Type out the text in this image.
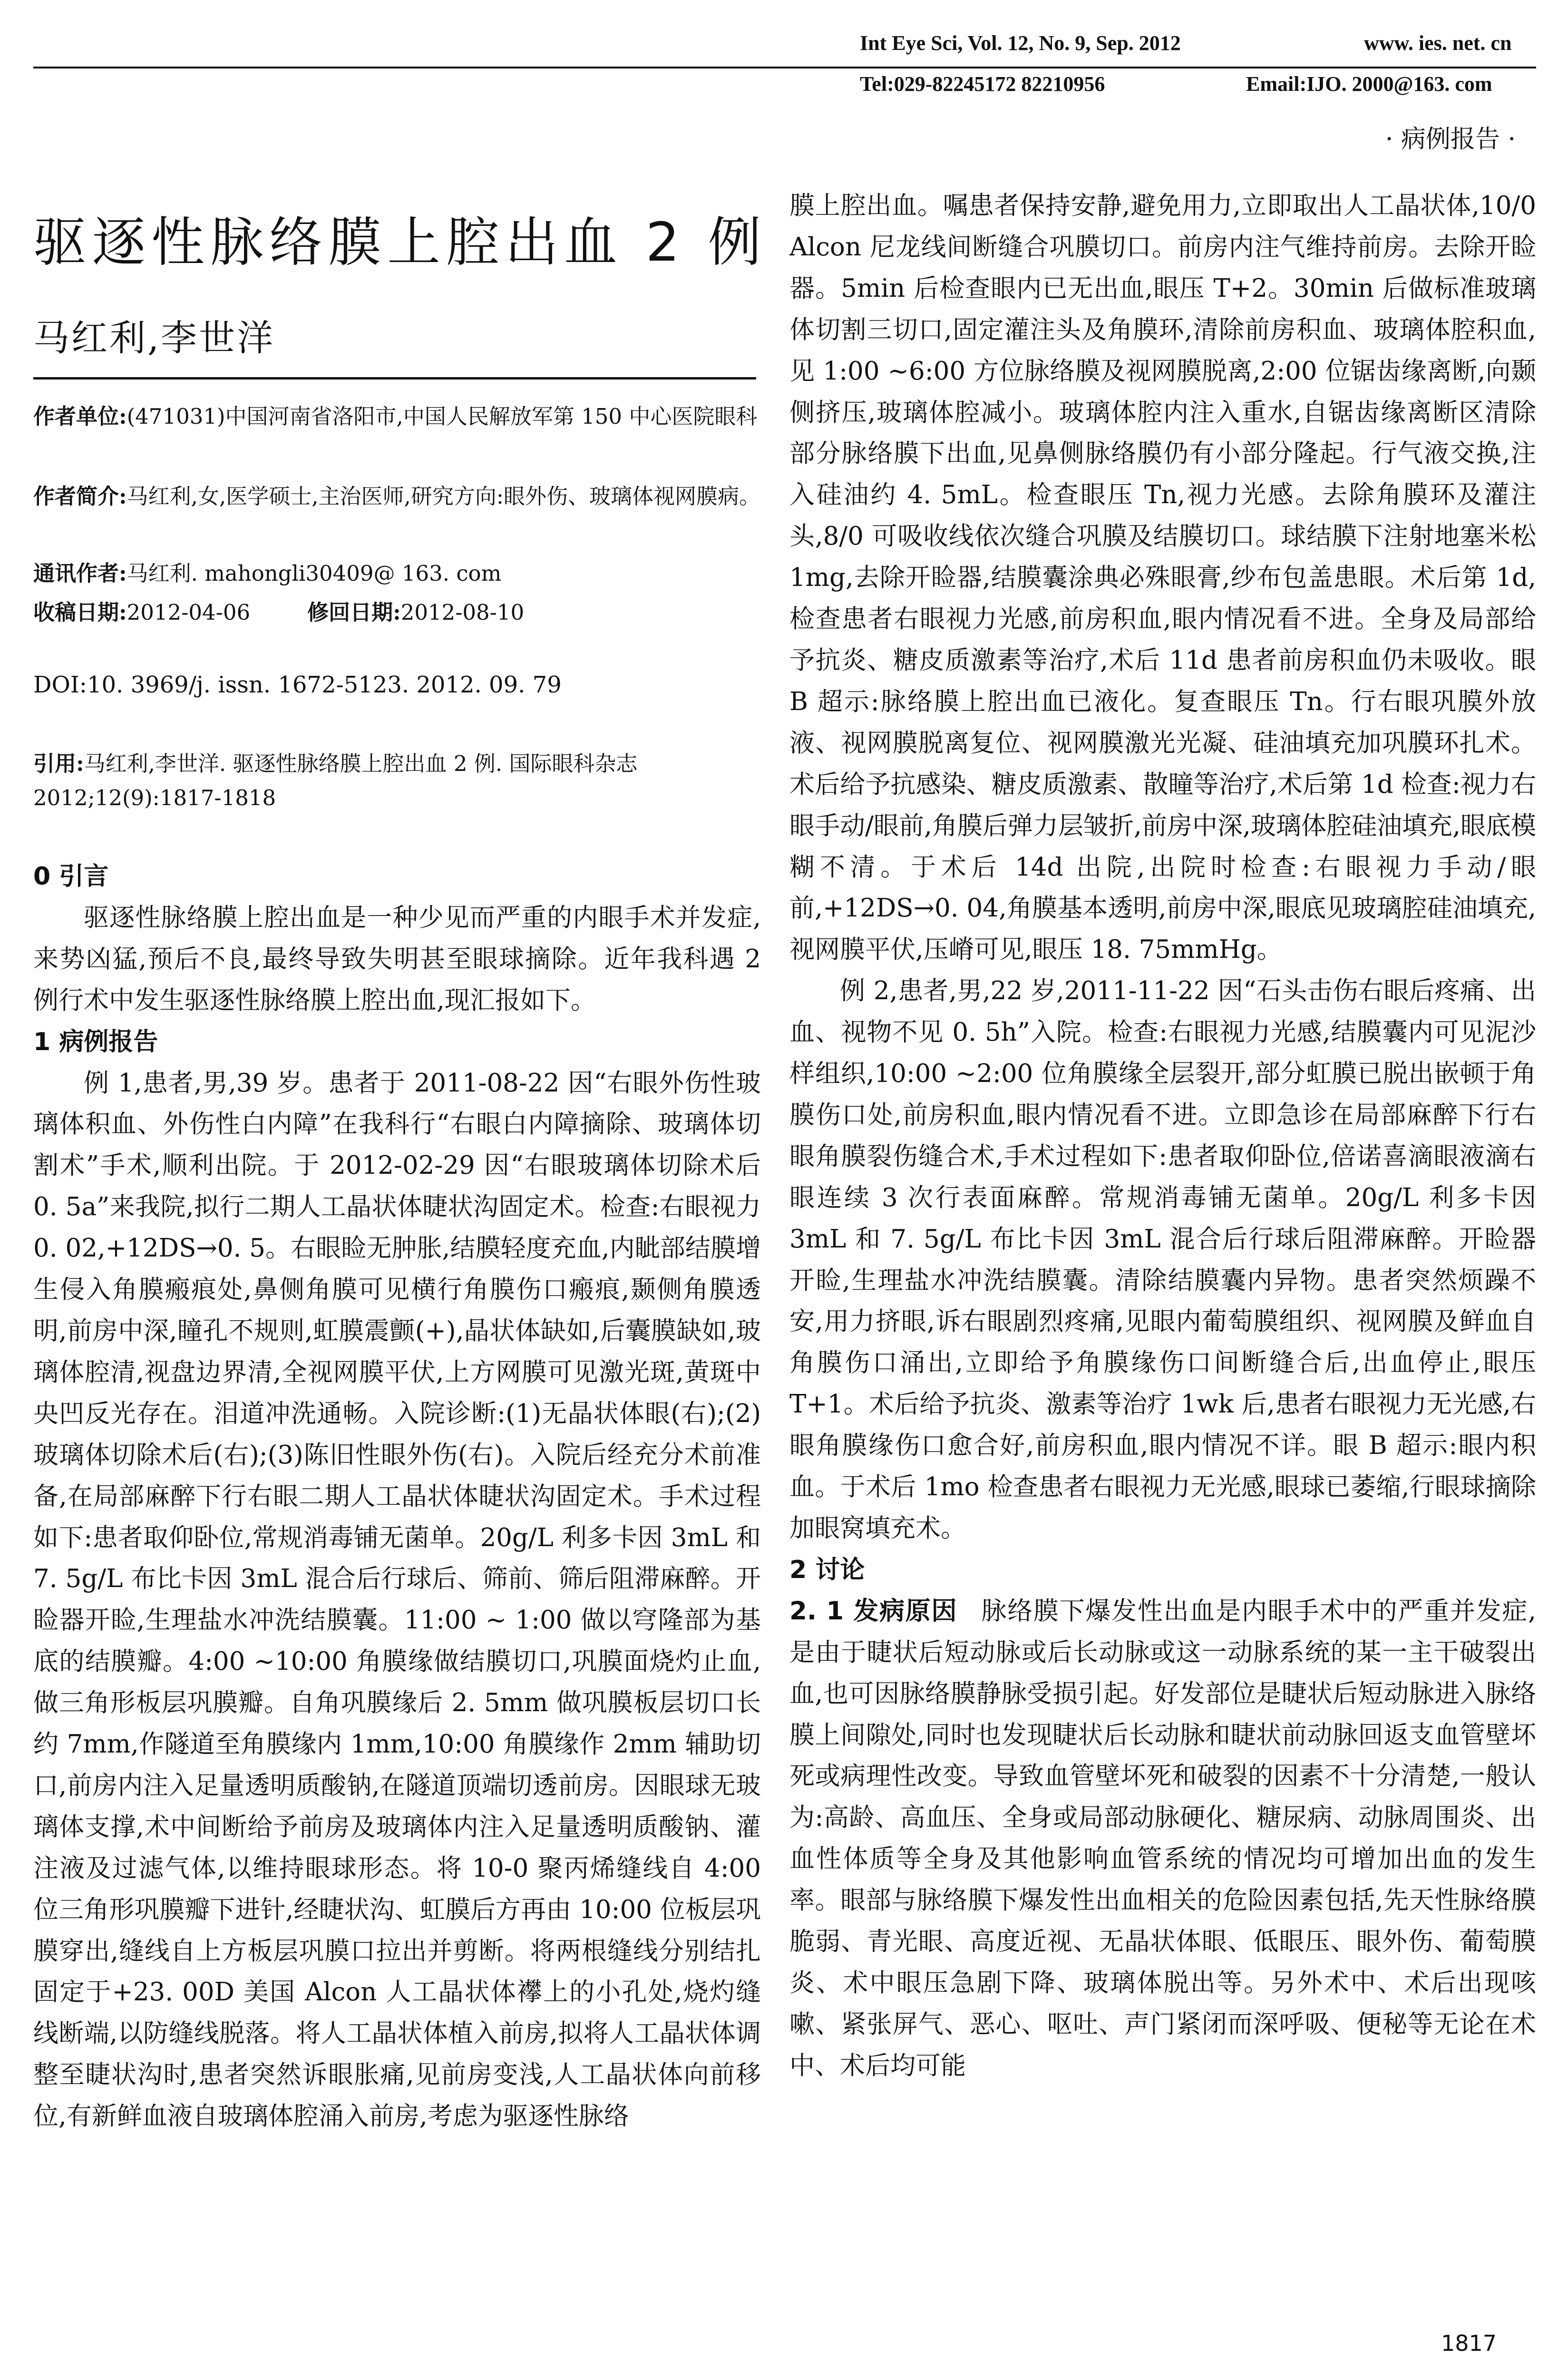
Int Eye Sci, Vol. 12, No. 9, Sep. 2012	www. ies. net. cn
Tel:029-82245172 82210956	Email:IJO. 2000@163. com
· 病例报告 ·
驱逐性脉络膜上腔出血 2 例
马红利,李世洋
作者单位:(471031)中国河南省洛阳市,中国人民解放军第 150 中心医院眼科
作者简介:马红利,女,医学硕士,主治医师,研究方向:眼外伤、玻璃体视网膜病。
通讯作者:马红利. mahongli30409@ 163. com
收稿日期:2012-04-06	修回日期:2012-08-10
DOI:10. 3969/j. issn. 1672-5123. 2012. 09. 79
引用:马红利,李世洋. 驱逐性脉络膜上腔出血 2 例. 国际眼科杂志 2012;12(9):1817-1818

0 引言

驱逐性脉络膜上腔出血是一种少见而严重的内眼手术并发症,来势凶猛,预后不良,最终导致失明甚至眼球摘除。近年我科遇 2 例行术中发生驱逐性脉络膜上腔出血,现汇报如下。

1 病例报告

例 1,患者,男,39 岁。患者于 2011-08-22 因“右眼外伤性玻璃体积血、外伤性白内障”在我科行“右眼白内障摘除、玻璃体切割术”手术,顺利出院。于 2012-02-29 因“右眼玻璃体切除术后 0. 5a”来我院,拟行二期人工晶状体睫状沟固定术。检查:右眼视力 0. 02,+12DS→0. 5。右眼睑无肿胀,结膜轻度充血,内眦部结膜增生侵入角膜瘢痕处,鼻侧角膜可见横行角膜伤口瘢痕,颞侧角膜透明,前房中深,瞳孔不规则,虹膜震颤(+),晶状体缺如,后囊膜缺如,玻璃体腔清,视盘边界清,全视网膜平伏,上方网膜可见激光斑,黄斑中央凹反光存在。泪道冲洗通畅。入院诊断:(1)无晶状体眼(右);(2)玻璃体切除术后(右);(3)陈旧性眼外伤(右)。入院后经充分术前准备,在局部麻醉下行右眼二期人工晶状体睫状沟固定术。手术过程如下:患者取仰卧位,常规消毒铺无菌单。20g/L 利多卡因 3mL 和 7. 5g/L 布比卡因 3mL 混合后行球后、筛前、筛后阻滞麻醉。开睑器开睑,生理盐水冲洗结膜囊。11:00 ~ 1:00 做以穹隆部为基底的结膜瓣。4:00 ~10:00 角膜缘做结膜切口,巩膜面烧灼止血,做三角形板层巩膜瓣。自角巩膜缘后 2. 5mm 做巩膜板层切口长约 7mm,作隧道至角膜缘内 1mm,10:00 角膜缘作 2mm 辅助切口,前房内注入足量透明质酸钠,在隧道顶端切透前房。因眼球无玻璃体支撑,术中间断给予前房及玻璃体内注入足量透明质酸钠、灌注液及过滤气体,以维持眼球形态。将 10-0 聚丙烯缝线自 4:00 位三角形巩膜瓣下进针,经睫状沟、虹膜后方再由 10:00 位板层巩膜穿出,缝线自上方板层巩膜口拉出并剪断。将两根缝线分别结扎固定于+23. 00D 美国 Alcon 人工晶状体襻上的小孔处,烧灼缝线断端,以防缝线脱落。将人工晶状体植入前房,拟将人工晶状体调整至睫状沟时,患者突然诉眼胀痛,见前房变浅,人工晶状体向前移位,有新鲜血液自玻璃体腔涌入前房,考虑为驱逐性脉络

膜上腔出血。嘱患者保持安静,避免用力,立即取出人工晶状体,10/0 Alcon 尼龙线间断缝合巩膜切口。前房内注气维持前房。去除开睑器。5min 后检查眼内已无出血,眼压 T+2。30min 后做标准玻璃体切割三切口,固定灌注头及角膜环,清除前房积血、玻璃体腔积血,见 1:00 ~6:00 方位脉络膜及视网膜脱离,2:00 位锯齿缘离断,向颞侧挤压,玻璃体腔减小。玻璃体腔内注入重水,自锯齿缘离断区清除部分脉络膜下出血,见鼻侧脉络膜仍有小部分隆起。行气液交换,注入硅油约 4. 5mL。检查眼压 Tn,视力光感。去除角膜环及灌注头,8/0 可吸收线依次缝合巩膜及结膜切口。球结膜下注射地塞米松 1mg,去除开睑器,结膜囊涂典必殊眼膏,纱布包盖患眼。术后第 1d,检查患者右眼视力光感,前房积血,眼内情况看不进。全身及局部给予抗炎、糖皮质激素等治疗,术后 11d 患者前房积血仍未吸收。眼 B 超示:脉络膜上腔出血已液化。复查眼压 Tn。行右眼巩膜外放液、视网膜脱离复位、视网膜激光光凝、硅油填充加巩膜环扎术。术后给予抗感染、糖皮质激素、散瞳等治疗,术后第 1d 检查:视力右眼手动/眼前,角膜后弹力层皱折,前房中深,玻璃体腔硅油填充,眼底模糊不清。于术后 14d 出院,出院时检查:右眼视力手动/眼前,+12DS→0. 04,角膜基本透明,前房中深,眼底见玻璃腔硅油填充,视网膜平伏,压嵴可见,眼压 18. 75mmHg。

例 2,患者,男,22 岁,2011-11-22 因“石头击伤右眼后疼痛、出血、视物不见 0. 5h”入院。检查:右眼视力光感,结膜囊内可见泥沙样组织,10:00 ~2:00 位角膜缘全层裂开,部分虹膜已脱出嵌顿于角膜伤口处,前房积血,眼内情况看不进。立即急诊在局部麻醉下行右眼角膜裂伤缝合术,手术过程如下:患者取仰卧位,倍诺喜滴眼液滴右眼连续 3 次行表面麻醉。常规消毒铺无菌单。20g/L 利多卡因 3mL 和 7. 5g/L 布比卡因 3mL 混合后行球后阻滞麻醉。开睑器开睑,生理盐水冲洗结膜囊。清除结膜囊内异物。患者突然烦躁不安,用力挤眼,诉右眼剧烈疼痛,见眼内葡萄膜组织、视网膜及鲜血自角膜伤口涌出,立即给予角膜缘伤口间断缝合后,出血停止,眼压 T+1。术后给予抗炎、激素等治疗 1wk 后,患者右眼视力无光感,右眼角膜缘伤口愈合好,前房积血,眼内情况不详。眼 B 超示:眼内积血。于术后 1mo 检查患者右眼视力无光感,眼球已萎缩,行眼球摘除加眼窝填充术。

2 讨论

2. 1 发病原因 脉络膜下爆发性出血是内眼手术中的严重并发症,是由于睫状后短动脉或后长动脉或这一动脉系统的某一主干破裂出血,也可因脉络膜静脉受损引起。好发部位是睫状后短动脉进入脉络膜上间隙处,同时也发现睫状后长动脉和睫状前动脉回返支血管壁坏死或病理性改变。导致血管壁坏死和破裂的因素不十分清楚,一般认为:高龄、高血压、全身或局部动脉硬化、糖尿病、动脉周围炎、出血性体质等全身及其他影响血管系统的情况均可增加出血的发生率。眼部与脉络膜下爆发性出血相关的危险因素包括,先天性脉络膜脆弱、青光眼、高度近视、无晶状体眼、低眼压、眼外伤、葡萄膜炎、术中眼压急剧下降、玻璃体脱出等。另外术中、术后出现咳嗽、紧张屏气、恶心、呕吐、声门紧闭而深呼吸、便秘等无论在术中、术后均可能

1817
